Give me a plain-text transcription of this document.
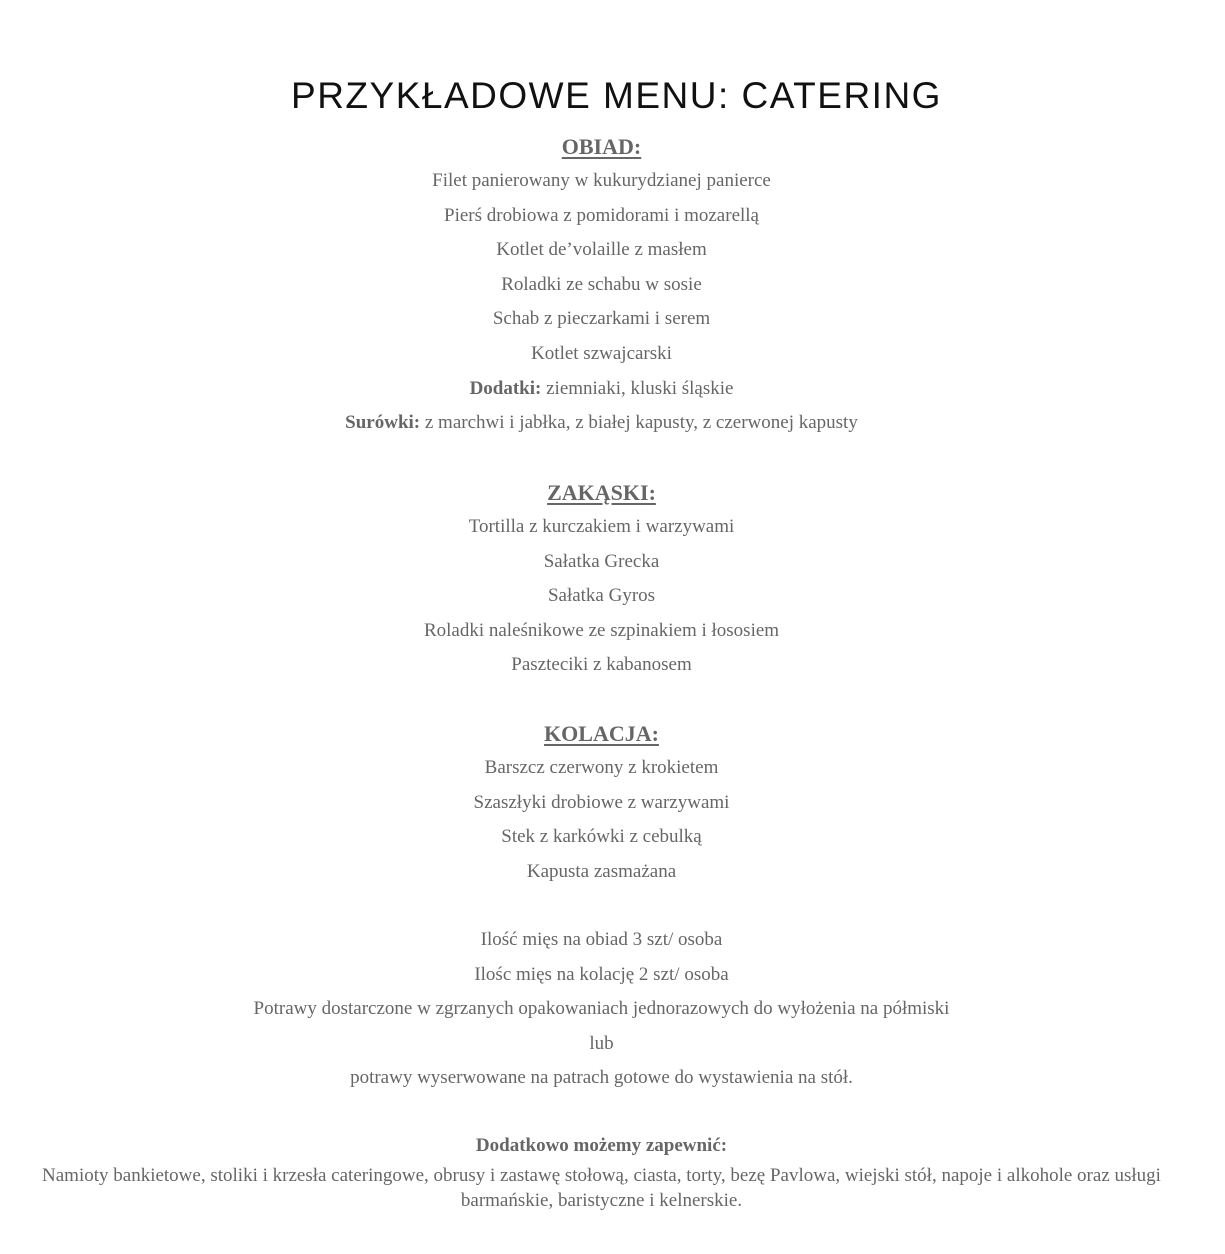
PRZYKŁADOWE MENU: CATERING
OBIAD:
Filet panierowany w kukurydzianej panierce
Pierś drobiowa z pomidorami i mozarellą
Kotlet de’volaille z masłem
Roladki ze schabu w sosie
Schab z pieczarkami i serem
Kotlet szwajcarski
Dodatki: ziemniaki, kluski śląskie
Surówki: z marchwi i jabłka, z białej kapusty, z czerwonej kapusty
ZAKĄSKI:
Tortilla z kurczakiem i warzywami
Sałatka Grecka
Sałatka Gyros
Roladki naleśnikowe ze szpinakiem i łososiem
Paszteciki z kabanosem
KOLACJA:
Barszcz czerwony z krokietem
Szaszłyki drobiowe z warzywami
Stek z karkówki z cebulką
Kapusta zasmażana
Ilość mięs na obiad 3 szt/ osoba
Ilośc mięs na kolację 2 szt/ osoba
Potrawy dostarczone w zgrzanych opakowaniach jednorazowych do wyłożenia na półmiski
lub
potrawy wyserwowane na patrach gotowe do wystawienia na stół.
Dodatkowo możemy zapewnić:
Namioty bankietowe, stoliki i krzesła cateringowe, obrusy i zastawę stołową, ciasta, torty, bezę Pavlowa, wiejski stół, napoje i alkohole oraz usługi barmańskie, baristyczne i kelnerskie.
